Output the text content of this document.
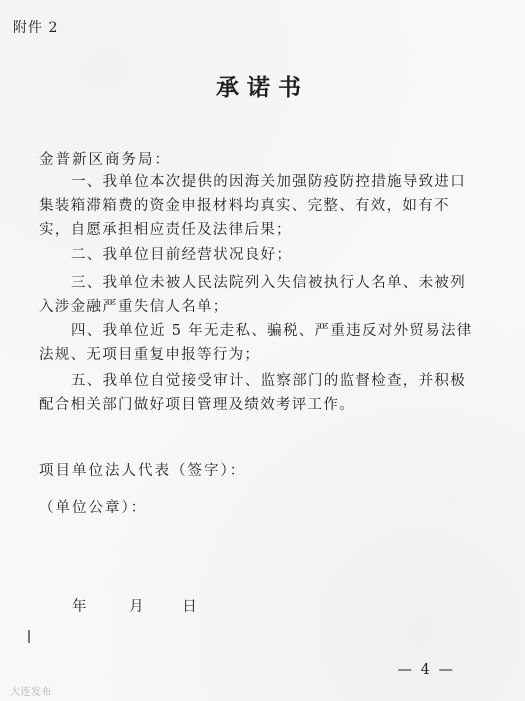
附件 2
承诺书
金普新区商务局：
一、我单位本次提供的因海关加强防疫防控措施导致进口
集装箱滞箱费的资金申报材料均真实、完整、有效，如有不
实，自愿承担相应责任及法律后果；
二、我单位目前经营状况良好；
三、我单位未被人民法院列入失信被执行人名单、未被列
入涉金融严重失信人名单；
四、我单位近 5 年无走私、骗税、严重违反对外贸易法律
法规、无项目重复申报等行为；
五、我单位自觉接受审计、监察部门的监督检查，并积极
配合相关部门做好项目管理及绩效考评工作。
项目单位法人代表（签字）：
（单位公章）：
年	月	日
— 4 —
大连发布
